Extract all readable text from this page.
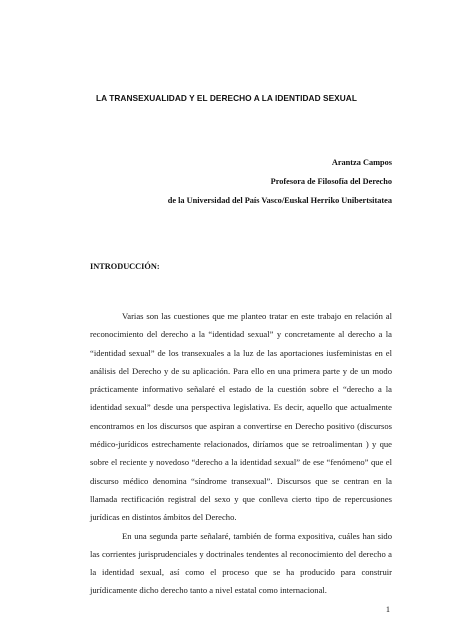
LA TRANSEXUALIDAD Y EL DERECHO A LA IDENTIDAD SEXUAL
Arantza Campos
Profesora de Filosofía del Derecho
de la Universidad del País Vasco/Euskal Herriko Unibertsitatea
INTRODUCCIÓN:

Varias son las cuestiones que me planteo tratar en este trabajo en relación al reconocimiento del derecho a la “identidad sexual” y concretamente al derecho a la “identidad sexual” de los transexuales a la luz de las aportaciones iusfeministas en el análisis del Derecho y de su aplicación. Para ello en una primera parte y de un modo prácticamente informativo señalaré el estado de la cuestión sobre el “derecho a la identidad sexual” desde una perspectiva legislativa. Es decir, aquello que actualmente encontramos en los discursos que aspiran a convertirse en Derecho positivo (discursos médico-jurídicos estrechamente relacionados, diríamos que se retroalimentan ) y que sobre el reciente y novedoso “derecho a la identidad sexual” de ese “fenómeno” que el discurso médico denomina “síndrome transexual”. Discursos que se centran en la llamada rectificación registral del sexo y que conlleva cierto tipo de repercusiones jurídicas en distintos ámbitos del Derecho.

En una segunda parte señalaré, también de forma expositiva, cuáles han sido las corrientes jurisprudenciales y doctrinales tendentes al reconocimiento del derecho a la identidad sexual, así como el proceso que se ha producido para construir jurídicamente dicho derecho tanto a nivel estatal como internacional.

1
